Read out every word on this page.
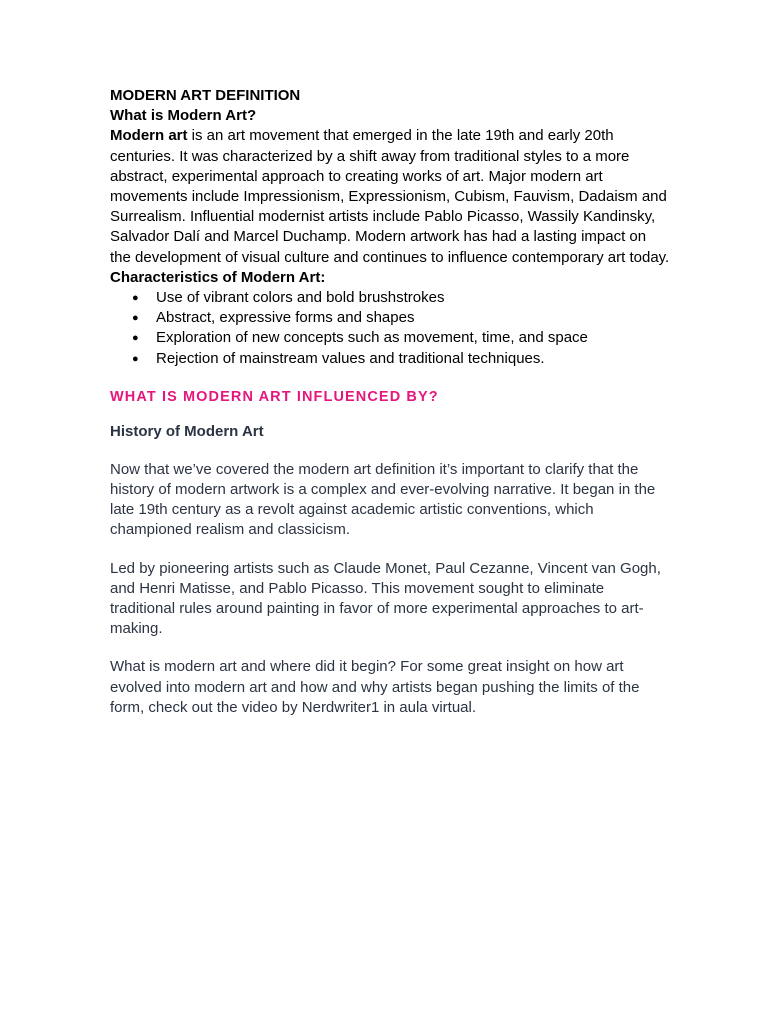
MODERN ART DEFINITION

What is Modern Art?

Modern art is an art movement that emerged in the late 19th and early 20th centuries. It was characterized by a shift away from traditional styles to a more abstract, experimental approach to creating works of art. Major modern art movements include Impressionism, Expressionism, Cubism, Fauvism, Dadaism and Surrealism. Influential modernist artists include Pablo Picasso, Wassily Kandinsky, Salvador Dalí and Marcel Duchamp. Modern artwork has had a lasting impact on the development of visual culture and continues to influence contemporary art today.

Characteristics of Modern Art:

● Use of vibrant colors and bold brushstrokes
● Abstract, expressive forms and shapes
● Exploration of new concepts such as movement, time, and space
● Rejection of mainstream values and traditional techniques.

WHAT IS MODERN ART INFLUENCED BY?

History of Modern Art

Now that we’ve covered the modern art definition it’s important to clarify that the history of modern artwork is a complex and ever-evolving narrative. It began in the late 19th century as a revolt against academic artistic conventions, which championed realism and classicism.

Led by pioneering artists such as Claude Monet, Paul Cezanne, Vincent van Gogh, and Henri Matisse, and Pablo Picasso. This movement sought to eliminate traditional rules around painting in favor of more experimental approaches to art-making.

What is modern art and where did it begin? For some great insight on how art evolved into modern art and how and why artists began pushing the limits of the form, check out the video by Nerdwriter1 in aula virtual.
